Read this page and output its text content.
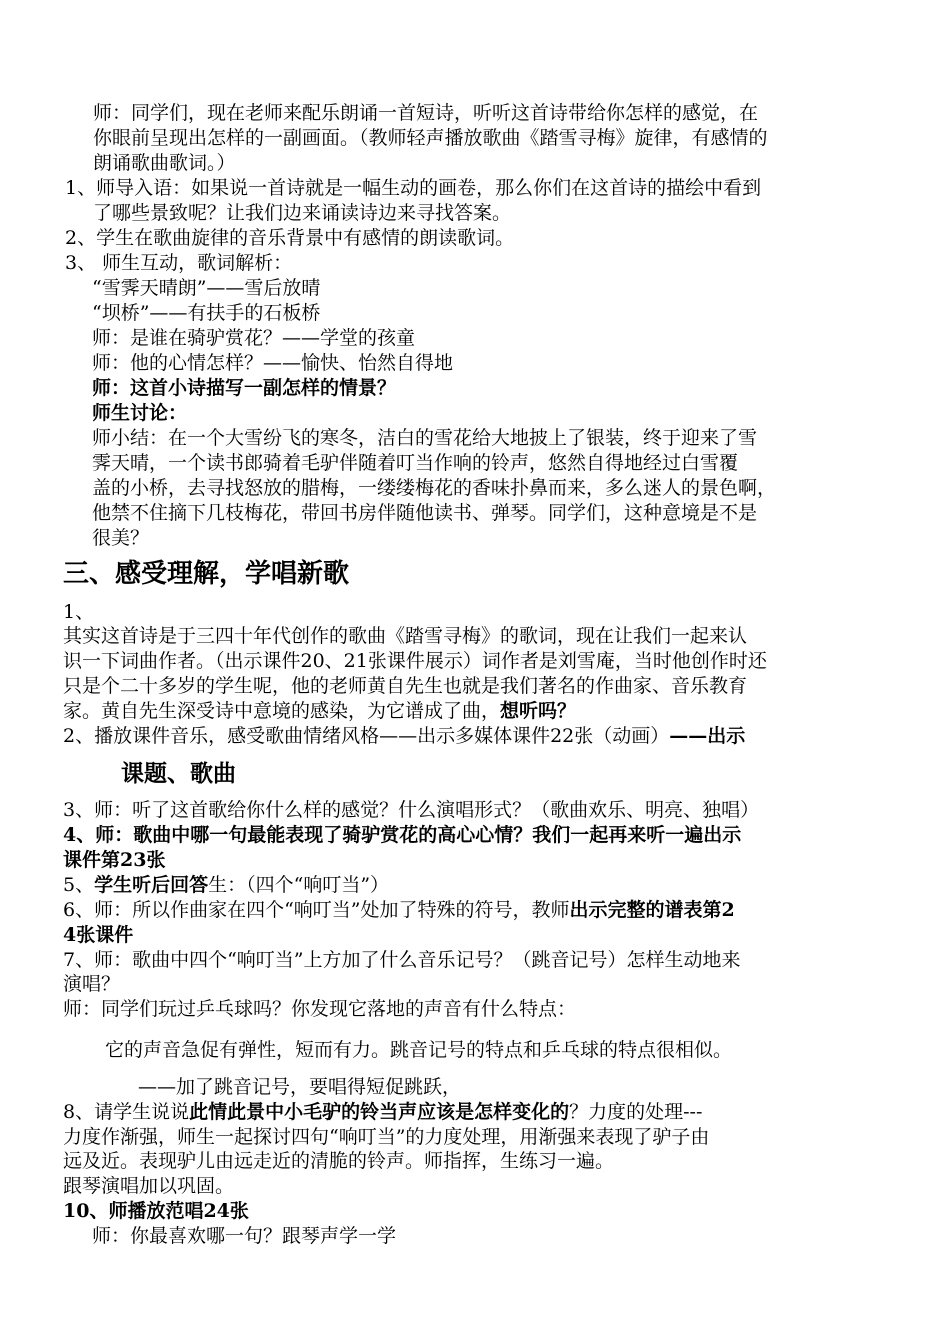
师：同学们，现在老师来配乐朗诵一首短诗，听听这首诗带给你怎样的感觉，在
你眼前呈现出怎样的一副画面。（教师轻声播放歌曲《踏雪寻梅》旋律，有感情的
朗诵歌曲歌词。）
1、师导入语：如果说一首诗就是一幅生动的画卷，那么你们在这首诗的描绘中看到
了哪些景致呢？让我们边来诵读诗边来寻找答案。
2、学生在歌曲旋律的音乐背景中有感情的朗读歌词。
3、 师生互动，歌词解析：
“雪霁天晴朗”——雪后放晴
“坝桥”——有扶手的石板桥
师：是谁在骑驴赏花？——学堂的孩童
师：他的心情怎样？——愉快、怡然自得地
师：这首小诗描写一副怎样的情景？
师生讨论：
师小结：在一个大雪纷飞的寒冬，洁白的雪花给大地披上了银装，终于迎来了雪
霁天晴，一个读书郎骑着毛驴伴随着叮当作响的铃声，悠然自得地经过白雪覆
盖的小桥，去寻找怒放的腊梅，一缕缕梅花的香味扑鼻而来，多么迷人的景色啊，
他禁不住摘下几枝梅花，带回书房伴随他读书、弹琴。同学们，这种意境是不是
很美？
三、感受理解，学唱新歌
1、
其实这首诗是于三四十年代创作的歌曲《踏雪寻梅》的歌词，现在让我们一起来认
识一下词曲作者。（出示课件20、21张课件展示）词作者是刘雪庵，当时他创作时还
只是个二十多岁的学生呢，他的老师黄自先生也就是我们著名的作曲家、音乐教育
家。黄自先生深受诗中意境的感染，为它谱成了曲，想听吗？
2、播放课件音乐，感受歌曲情绪风格——出示多媒体课件22张（动画）——出示
课题、歌曲
3、师：听了这首歌给你什么样的感觉？什么演唱形式？（歌曲欢乐、明亮、独唱）
4、师：歌曲中哪一句最能表现了骑驴赏花的高心心情？我们一起再来听一遍出示
课件第23张
5、学生听后回答生：（四个“响叮当”）
6、师：所以作曲家在四个“响叮当”处加了特殊的符号，教师出示完整的谱表第2
4张课件
7、师：歌曲中四个“响叮当”上方加了什么音乐记号？（跳音记号）怎样生动地来
演唱？
师：同学们玩过乒乓球吗？你发现它落地的声音有什么特点：
它的声音急促有弹性，短而有力。跳音记号的特点和乒乓球的特点很相似。
——加了跳音记号，要唱得短促跳跃，
8、请学生说说此情此景中小毛驴的铃当声应该是怎样变化的？力度的处理---
力度作渐强，师生一起探讨四句“响叮当”的力度处理，用渐强来表现了驴子由
远及近。表现驴儿由远走近的清脆的铃声。师指挥，生练习一遍。
跟琴演唱加以巩固。
10、师播放范唱24张
师：你最喜欢哪一句？跟琴声学一学
